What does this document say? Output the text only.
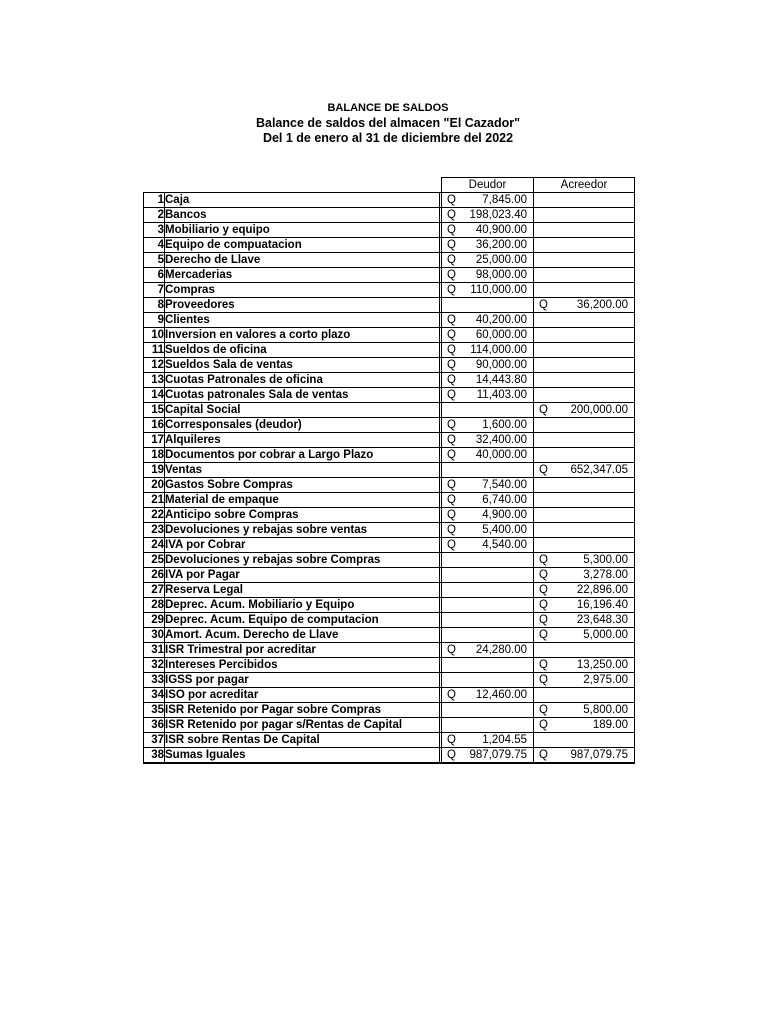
BALANCE DE SALDOS
Balance de saldos del almacen "El Cazador"
Del 1 de enero al 31 de diciembre del 2022
			Deudor	Acreedor
1	Caja		Q 7,845.00	

2	Bancos		Q 198,023.40	

3	Mobiliario y equipo		Q 40,900.00	

4	Equipo de compuatacion		Q 36,200.00	

5	Derecho de Llave		Q 25,000.00	

6	Mercaderias		Q 98,000.00	

7	Compras		Q 110,000.00	

8	Proveedores			Q 36,200.00

9	Clientes		Q 40,200.00	

10	Inversion en valores a corto plazo		Q 60,000.00	

11	Sueldos de oficina		Q 114,000.00	

12	Sueldos Sala de ventas		Q 90,000.00	

13	Cuotas Patronales de oficina		Q 14,443.80	

14	Cuotas patronales Sala de ventas		Q 11,403.00	

15	Capital Social			Q 200,000.00

16	Corresponsales (deudor)		Q 1,600.00	

17	Alquileres		Q 32,400.00	

18	Documentos por cobrar a Largo Plazo		Q 40,000.00	

19	Ventas			Q 652,347.05

20	Gastos Sobre Compras		Q 7,540.00	

21	Material de empaque		Q 6,740.00	

22	Anticipo sobre Compras		Q 4,900.00	

23	Devoluciones y rebajas sobre ventas		Q 5,400.00	

24	IVA por Cobrar		Q 4,540.00	

25	Devoluciones y rebajas sobre Compras			Q 5,300.00

26	IVA por Pagar			Q 3,278.00

27	Reserva Legal			Q 22,896.00

28	Deprec. Acum. Mobiliario y Equipo			Q 16,196.40

29	Deprec. Acum. Equipo de computacion			Q 23,648.30

30	Amort. Acum. Derecho de Llave			Q 5,000.00

31	ISR Trimestral por acreditar		Q 24,280.00	

32	Intereses Percibidos			Q 13,250.00

33	IGSS por pagar			Q 2,975.00

34	ISO por acreditar		Q 12,460.00	

35	ISR Retenido por Pagar sobre Compras			Q 5,800.00

36	ISR Retenido por pagar s/Rentas de Capital			Q 189.00

37	ISR sobre Rentas De Capital		Q 1,204.55	

38	Sumas Iguales		Q 987,079.75	Q 987,079.75
